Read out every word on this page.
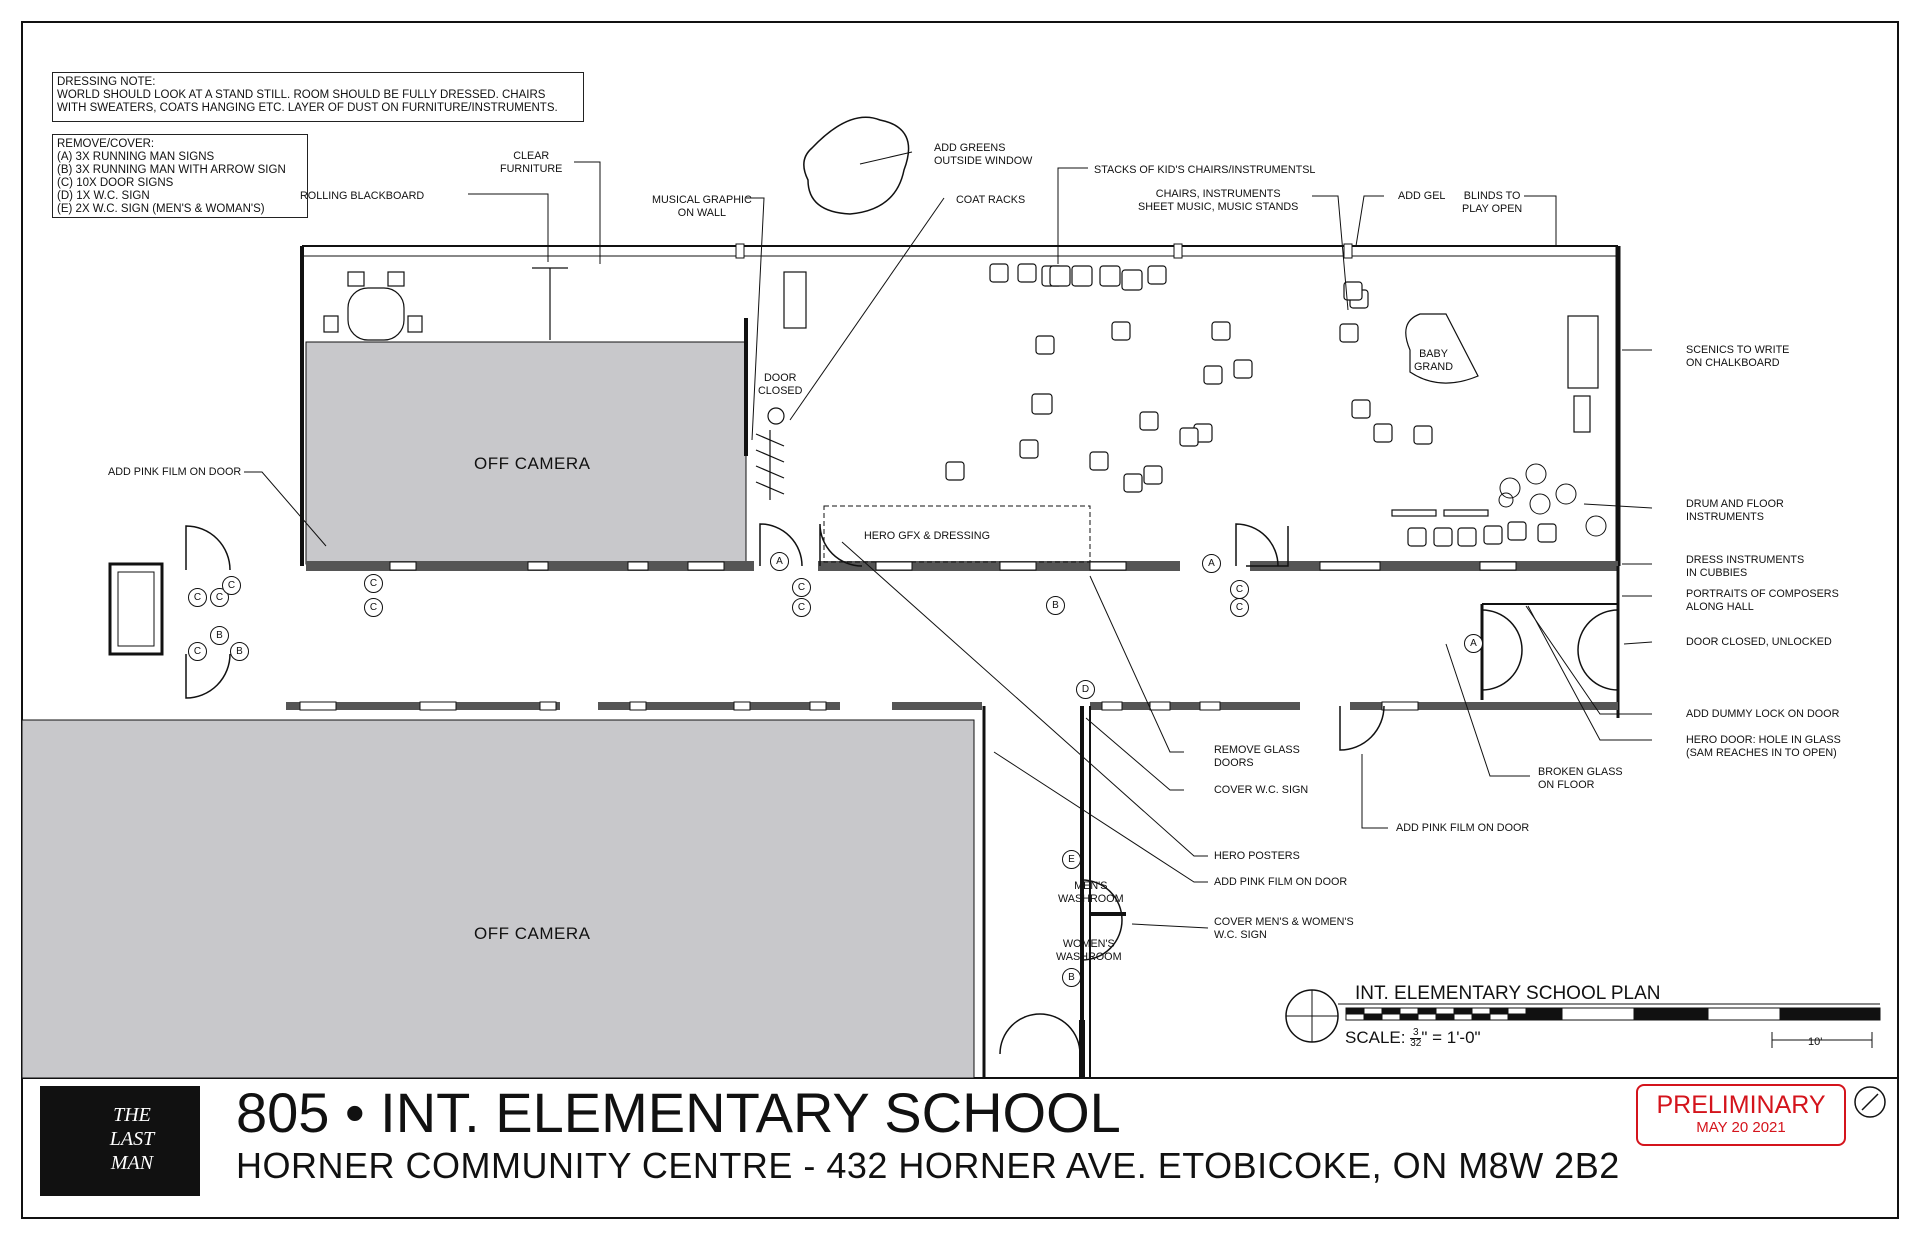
DRESSING NOTE:
WORLD SHOULD LOOK AT A STAND STILL. ROOM SHOULD BE FULLY DRESSED. CHAIRS
WITH SWEATERS, COATS HANGING ETC. LAYER OF DUST ON FURNITURE/INSTRUMENTS.
REMOVE/COVER:
(A) 3X RUNNING MAN SIGNS
(B) 3X RUNNING MAN WITH ARROW SIGN
(C) 10X DOOR SIGNS
(D) 1X W.C. SIGN
(E) 2X W.C. SIGN (MEN'S & WOMAN'S)
CLEAR
FURNITURE
ROLLING BLACKBOARD	MUSICAL GRAPHIC
ON WALL
ADD GREENS
OUTSIDE WINDOW
COAT RACKS
STACKS OF KID'S CHAIRS/INSTRUMENTSL
CHAIRS, INSTRUMENTS
SHEET MUSIC, MUSIC STANDS
ADD GEL BLINDS TO
PLAY OPEN
SCENICS TO WRITE
ON CHALKBOARD
DRUM AND FLOOR
INSTRUMENTS
DRESS INSTRUMENTS
IN CUBBIES
PORTRAITS OF COMPOSERS
ALONG HALL
DOOR CLOSED, UNLOCKED
ADD DUMMY LOCK ON DOOR
HERO DOOR: HOLE IN GLASS
(SAM REACHES IN TO OPEN)
BROKEN GLASS
ON FLOOR
ADD PINK FILM ON DOOR
REMOVE GLASS
DOORS
COVER W.C. SIGN
HERO POSTERS
ADD PINK FILM ON DOOR
COVER MEN'S & WOMEN'S
W.C. SIGN
ADD PINK FILM ON DOOR
DOOR
CLOSED
HERO GFX & DRESSING
BABY
GRAND
MEN'S
WASHROOM
WOMEN'S
WASHROOM
OFF CAMERA
OFF CAMERA
C
C
C	C
C
B
C	B
A
C
C	B
A
C
C
A
D
E
B
INT. ELEMENTARY SCHOOL PLAN
SCALE: $\frac{3}{32}$ " = 1'-0"	10'
THE
LAST
MAN
805 • INT. ELEMENTARY SCHOOL
HORNER COMMUNITY CENTRE - 432 HORNER AVE. ETOBICOKE, ON M8W 2B2
PRELIMINARY
MAY 20 2021
